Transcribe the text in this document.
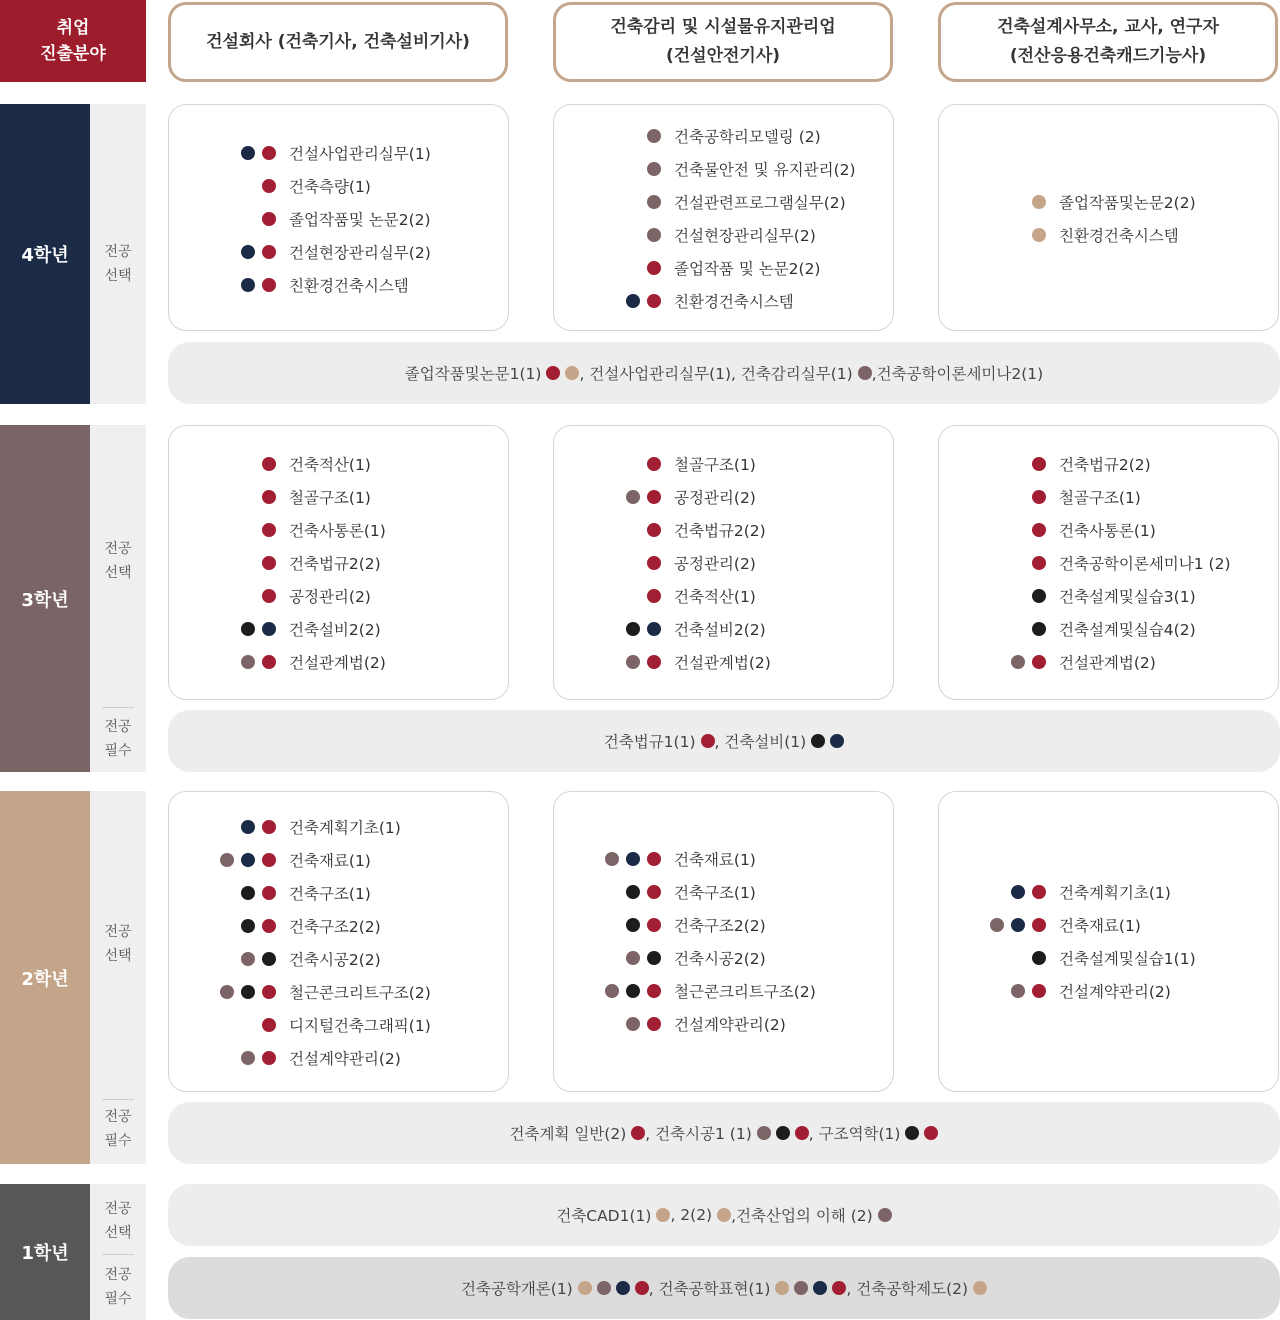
취업
진출분야
건설회사 (건축기사, 건축설비기사)
건축감리 및 시설물유지관리업
(건설안전기사)
건축설계사무소, 교사, 연구자
(전산응용건축캐드기능사)
4학년	전공
선택
건설사업관리실무(1)
건축측량(1)
졸업작품및 논문2(2)
건설현장관리실무(2)
친환경건축시스템
건축공학리모델링 (2)
건축물안전 및 유지관리(2)
건설관련프로그램실무(2)
건설현장관리실무(2)
졸업작품 및 논문2(2)
친환경건축시스템
졸업작품및논문2(2)
친환경건축시스템
졸업작품및논문1(1) , 건설사업관리실무(1), 건축감리실무(1) ,건축공학이론세미나2(1)
3학년
전공
선택
전공
필수
건축적산(1)
철골구조(1)
건축사통론(1)
건축법규2(2)
공정관리(2)
건축설비2(2)
건설관계법(2)
철골구조(1)
공정관리(2)
건축법규2(2)
공정관리(2)
건축적산(1)
건축설비2(2)
건설관계법(2)
건축법규2(2)
철골구조(1)
건축사통론(1)
건축공학이론세미나1 (2)
건축설계및실습3(1)
건축설계및실습4(2)
건설관계법(2)
건축법규1(1) , 건축설비(1)
2학년
전공
선택
전공
필수
건축계획기초(1)
건축재료(1)
건축구조(1)
건축구조2(2)
건축시공2(2)
철근콘크리트구조(2)
디지털건축그래픽(1)
건설계약관리(2)
건축재료(1)
건축구조(1)
건축구조2(2)
건축시공2(2)
철근콘크리트구조(2)
건설계약관리(2)
건축계획기초(1)
건축재료(1)
건축설계및실습1(1)
건설계약관리(2)
건축계획 일반(2) , 건축시공1 (1)	, 구조역학(1)
1학년
전공
선택
전공
필수
건축CAD1(1) , 2(2) ,건축산업의 이해 (2)
건축공학개론(1)	, 건축공학표현(1)	, 건축공학제도(2)
